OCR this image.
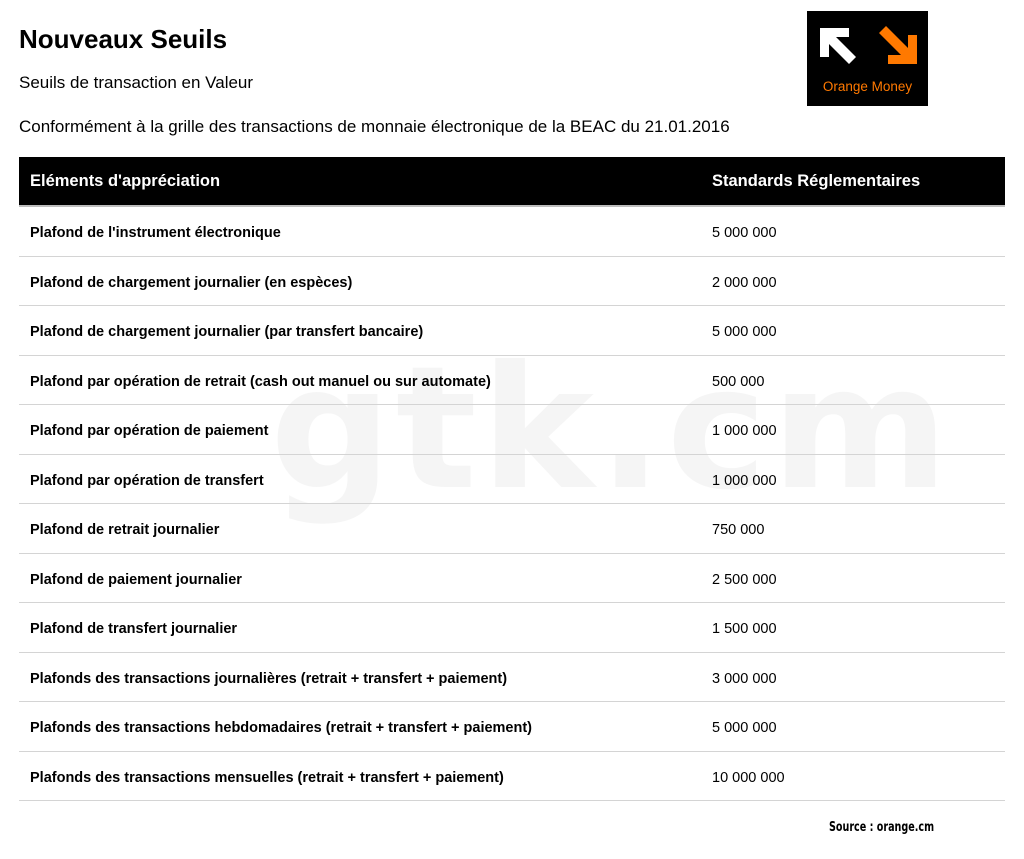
Nouveaux Seuils
Seuils de transaction en Valeur
Conformément à la grille des transactions de monnaie électronique de la BEAC du 21.01.2016
Orange Money
Eléments d'appréciation	Standards Réglementaires
Plafond de l'instrument électronique	5 000 000
Plafond de chargement journalier (en espèces)	2 000 000
Plafond de chargement journalier (par transfert bancaire)	5 000 000
Plafond par opération de retrait (cash out manuel ou sur automate)	500 000
Plafond par opération de paiement	1 000 000
Plafond par opération de transfert	1 000 000
Plafond de retrait journalier	750 000
Plafond de paiement journalier	2 500 000
Plafond de transfert journalier	1 500 000
Plafonds des transactions journalières (retrait + transfert + paiement)	3 000 000
Plafonds des transactions hebdomadaires (retrait + transfert + paiement)	5 000 000
Plafonds des transactions mensuelles (retrait + transfert + paiement)	10 000 000
Source : orange.cm
